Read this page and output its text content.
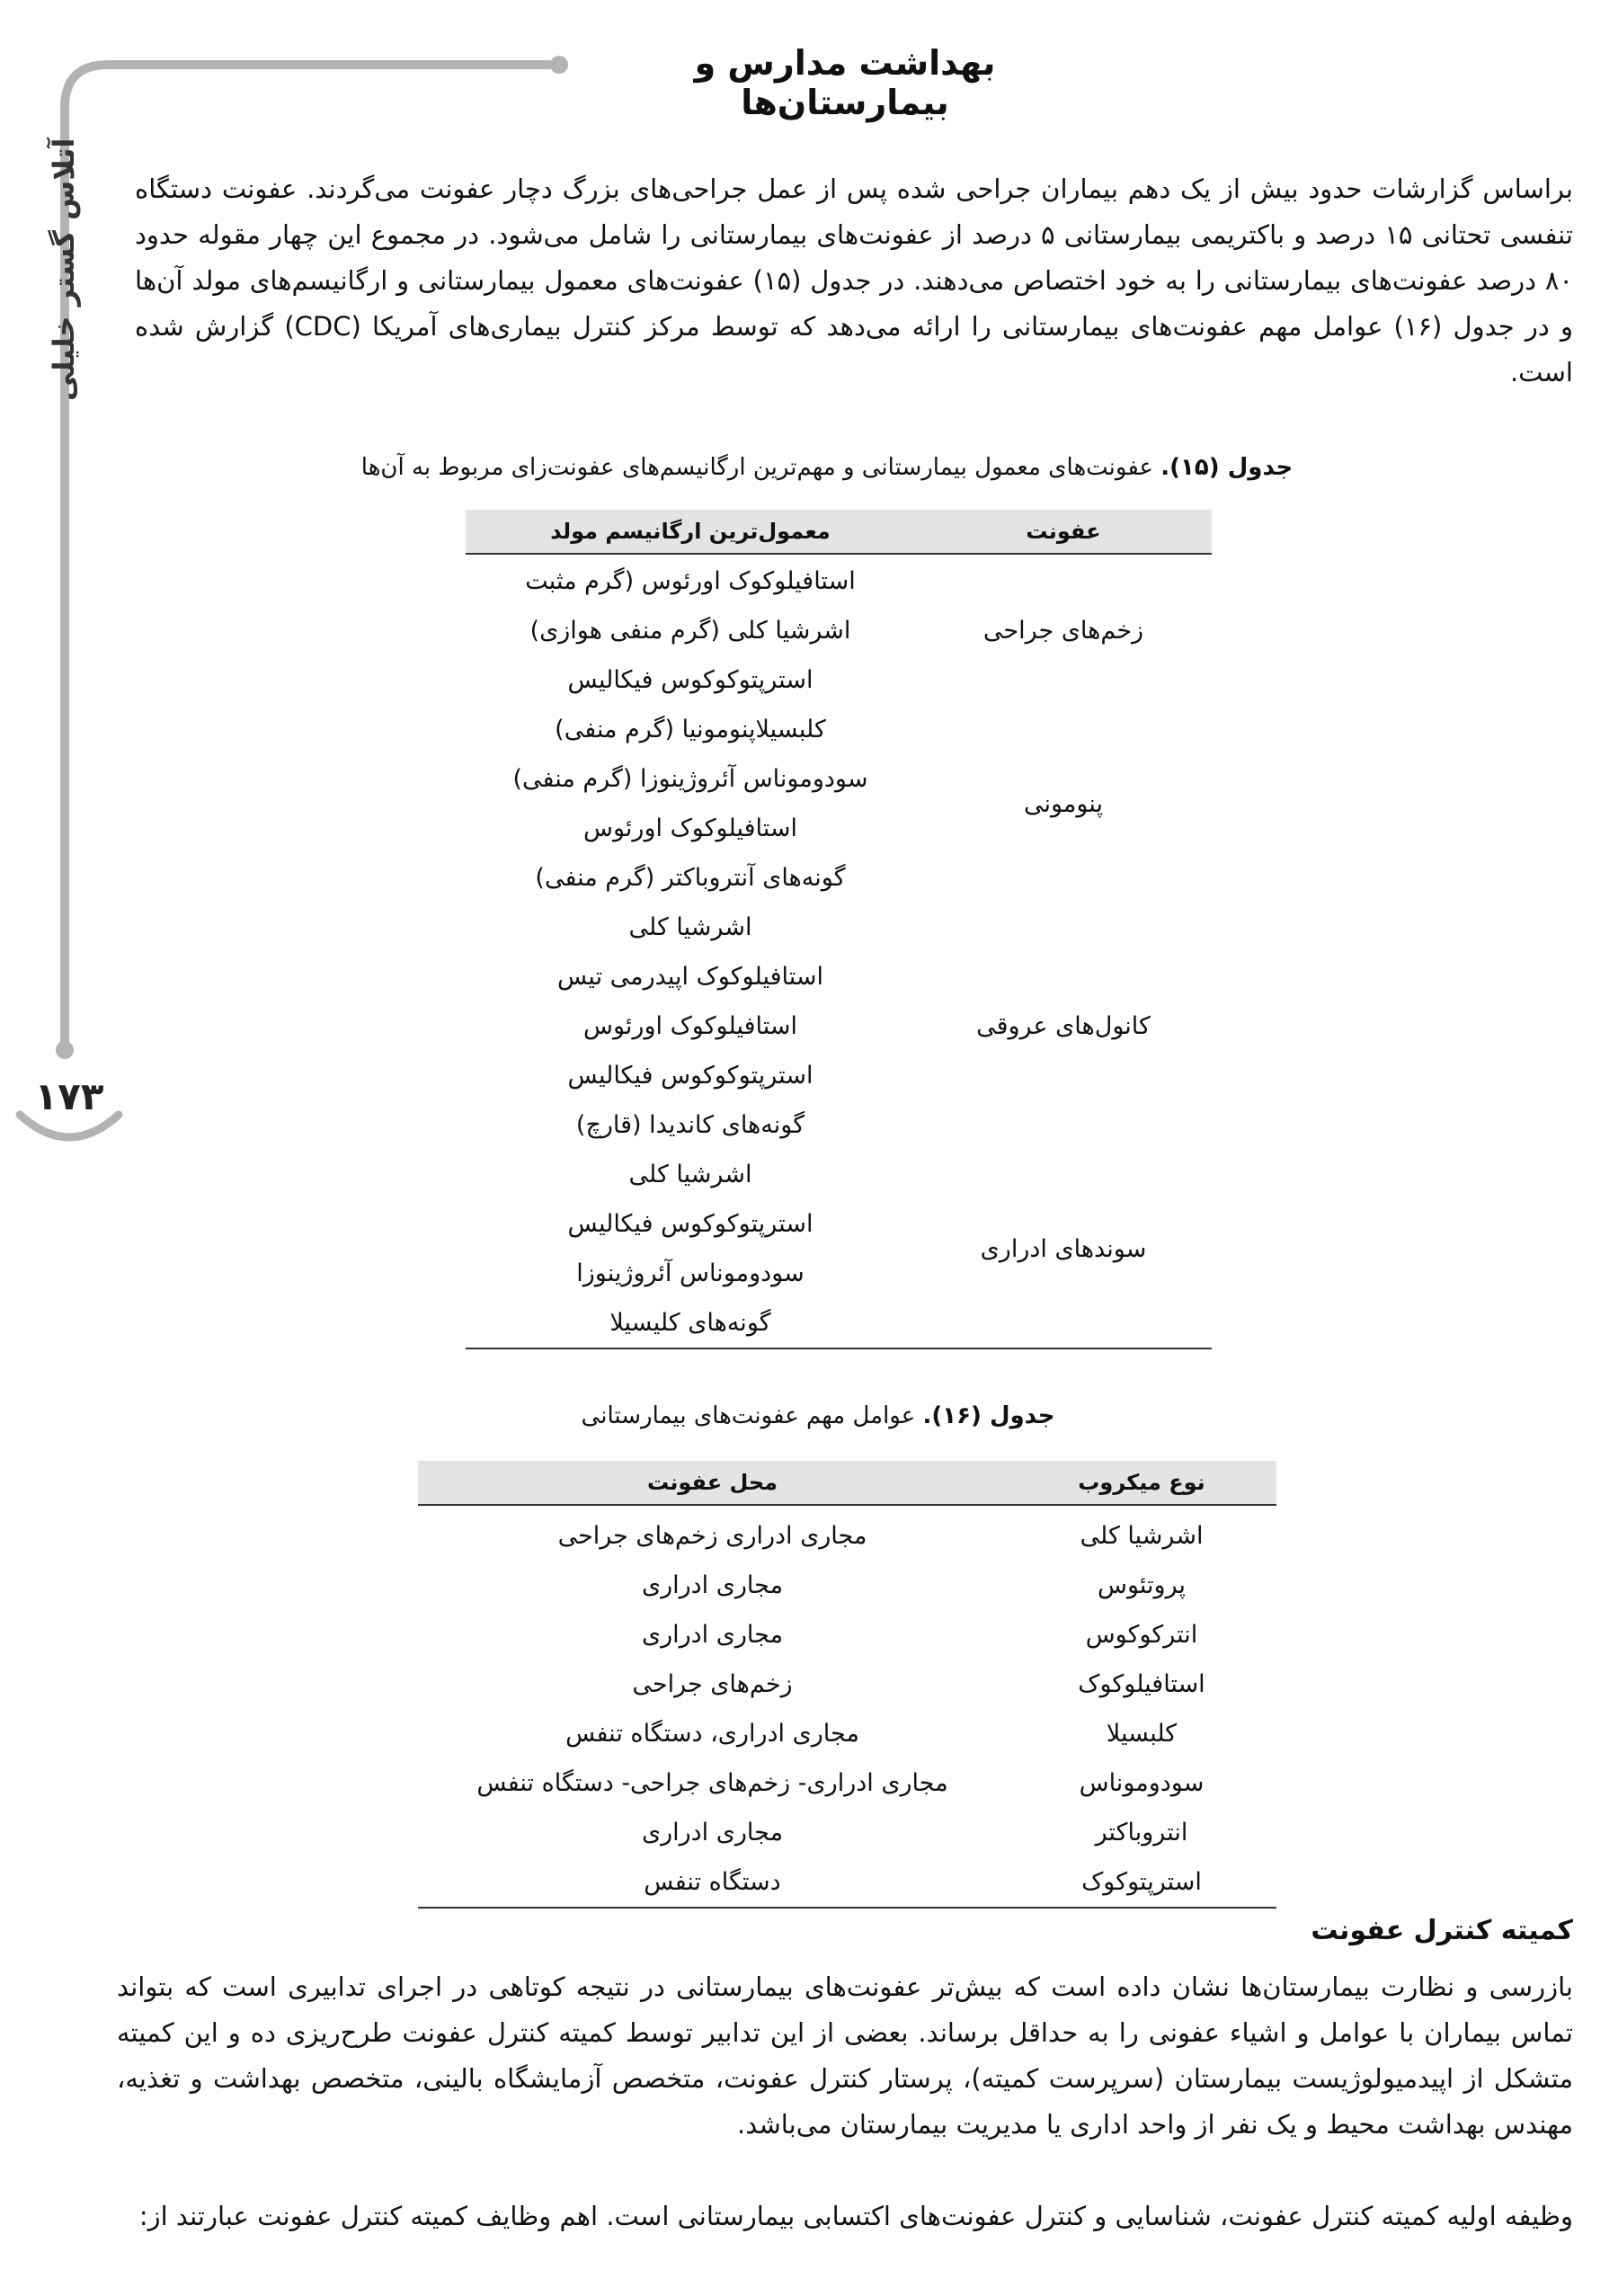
بهداشت مدارس و بیمارستان‌ها
آتلاس گستر خلیلی
۱۷۳

براساس گزارشات حدود بیش از یک دهم بیماران جراحی شده پس از عمل جراحی‌های بزرگ دچار عفونت می‌گردند. عفونت دستگاه تنفسی تحتانی ۱۵ درصد و باکتریمی بیمارستانی ۵ درصد از عفونت‌های بیمارستانی را شامل می‌شود. در مجموع این چهار مقوله حدود ۸۰ درصد عفونت‌های بیمارستانی را به خود اختصاص می‌دهند. در جدول (۱۵) عفونت‌های معمول بیمارستانی و ارگانیسم‌های مولد آن‌ها و در جدول (۱۶) عوامل مهم عفونت‌های بیمارستانی را ارائه می‌دهد که توسط مرکز کنترل بیماری‌های آمریکا (CDC) گزارش شده است.

جدول (۱۵). عفونت‌های معمول بیمارستانی و مهم‌ترین ارگانیسم‌های عفونت‌زای مربوط به آن‌ها
عفونت	معمول‌ترین ارگانیسم مولد
زخم‌های جراحی	استافیلوکوک اورئوس (گرم مثبت
اشرشیا کلی (گرم منفی هوازی)
استرپتوکوکوس فیکالیس

پنومونی	کلبسیلاپنومونیا (گرم منفی)
سودوموناس آئروژینوزا (گرم منفی)
استافیلوکوک اورئوس
گونه‌های آنتروباکتر (گرم منفی)

کانول‌های عروقی	اشرشیا کلی
استافیلوکوک اپیدرمی تیس
استافیلوکوک اورئوس
استرپتوکوکوس فیکالیس
گونه‌های کاندیدا (قارچ)

سوندهای ادراری	اشرشیا کلی
استرپتوکوکوس فیکالیس
سودوموناس آئروژینوزا
گونه‌های کلیسیلا
جدول (۱۶). عوامل مهم عفونت‌های بیمارستانی
نوع میکروب	محل عفونت
اشرشیا کلی	مجاری ادراری زخم‌های جراحی
پروتئوس	مجاری ادراری
انترکوکوس	مجاری ادراری
استافیلوکوک	زخم‌های جراحی
کلبسیلا	مجاری ادراری، دستگاه تنفس
سودوموناس	مجاری ادراری- زخم‌های جراحی- دستگاه تنفس
انتروباکتر	مجاری ادراری
استرپتوکوک	دستگاه تنفس
کمیته کنترل عفونت

بازرسی و نظارت بیمارستان‌ها نشان داده است که بیش‌تر عفونت‌های بیمارستانی در نتیجه کوتاهی در اجرای تدابیری است که بتواند تماس بیماران با عوامل و اشیاء عفونی را به حداقل برساند. بعضی از این تدابیر توسط کمیته کنترل عفونت طرح‌ریزی ده و این کمیته متشکل از اپیدمیولوژیست بیمارستان (سرپرست کمیته)، پرستار کنترل عفونت، متخصص آزمایشگاه بالینی، متخصص بهداشت و تغذیه، مهندس بهداشت محیط و یک نفر از واحد اداری یا مدیریت بیمارستان می‌باشد.

وظیفه اولیه کمیته کنترل عفونت، شناسایی و کنترل عفونت‌های اکتسابی بیمارستانی است. اهم وظایف کمیته کنترل عفونت عبارتند از:
